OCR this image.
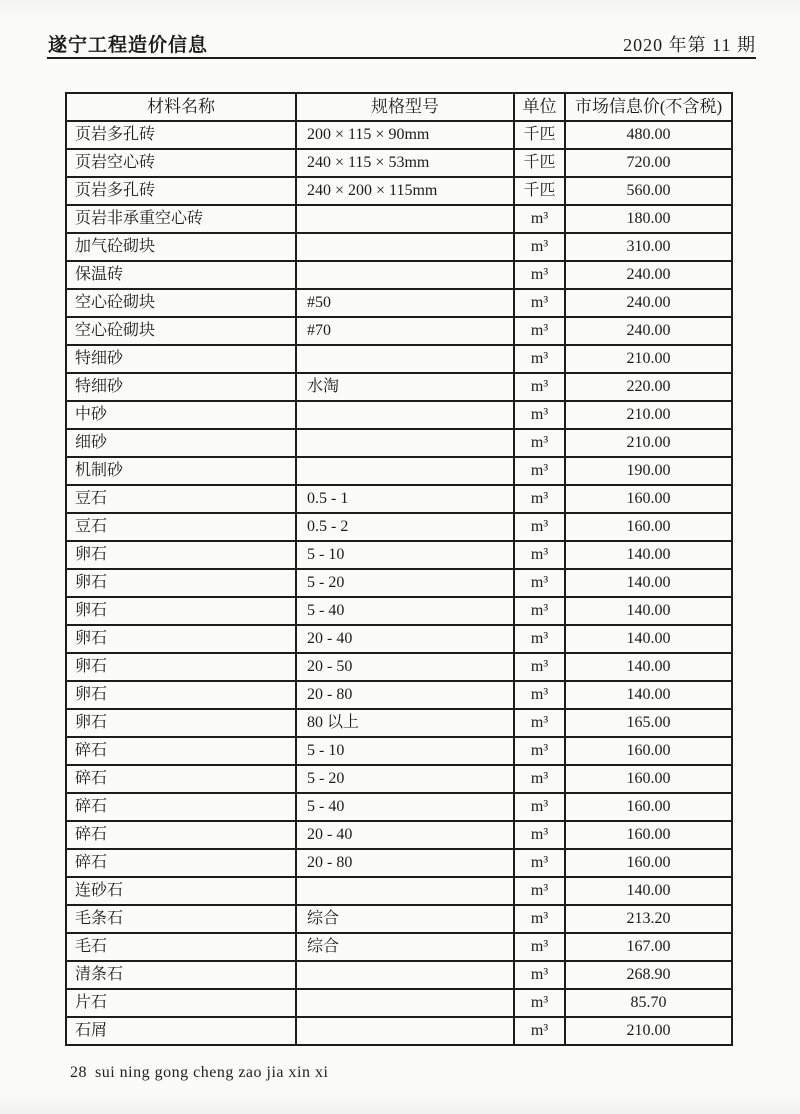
遂宁工程造价信息	2020 年第 11 期
材料名称	规格型号	单位	市场信息价(不含税)
页岩多孔砖	200 × 115 × 90mm	千匹	480.00
页岩空心砖	240 × 115 × 53mm	千匹	720.00
页岩多孔砖	240 × 200 × 115mm	千匹	560.00
页岩非承重空心砖		m³	180.00
加气砼砌块		m³	310.00
保温砖		m³	240.00
空心砼砌块	#50	m³	240.00
空心砼砌块	#70	m³	240.00
特细砂		m³	210.00
特细砂	水淘	m³	220.00
中砂		m³	210.00
细砂		m³	210.00
机制砂		m³	190.00
豆石	0.5 - 1	m³	160.00
豆石	0.5 - 2	m³	160.00
卵石	5 - 10	m³	140.00
卵石	5 - 20	m³	140.00
卵石	5 - 40	m³	140.00
卵石	20 - 40	m³	140.00
卵石	20 - 50	m³	140.00
卵石	20 - 80	m³	140.00
卵石	80 以上	m³	165.00
碎石	5 - 10	m³	160.00
碎石	5 - 20	m³	160.00
碎石	5 - 40	m³	160.00
碎石	20 - 40	m³	160.00
碎石	20 - 80	m³	160.00
连砂石		m³	140.00
毛条石	综合	m³	213.20
毛石	综合	m³	167.00
清条石		m³	268.90
片石		m³	85.70
石屑		m³	210.00
28 sui ning gong cheng zao jia xin xi
